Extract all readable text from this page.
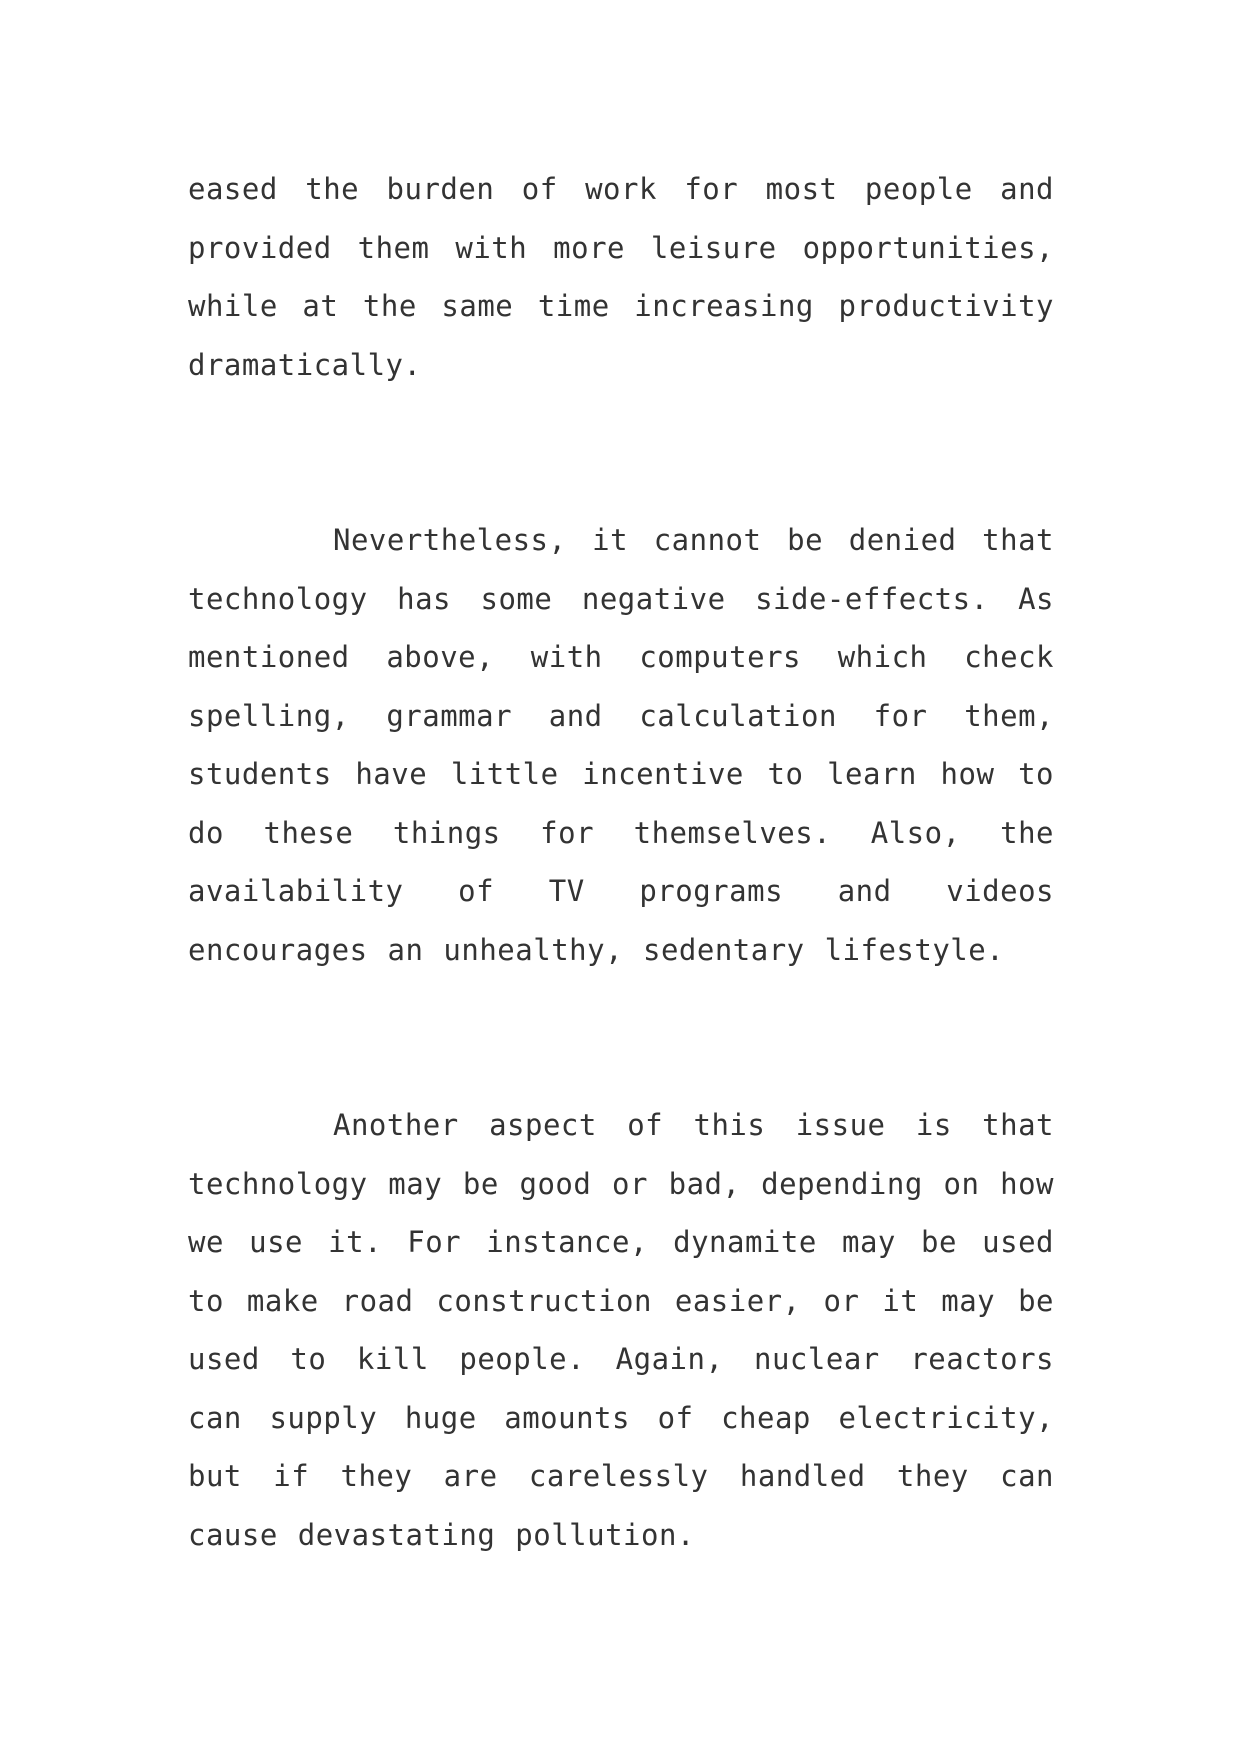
eased the burden of work for most people and provided them with more leisure opportunities, while at the same time increasing productivity dramatically.

Nevertheless, it cannot be denied that technology has some negative side-effects. As mentioned above, with computers which check spelling, grammar and calculation for them, students have little incentive to learn how to do these things for themselves. Also, the availability of TV programs and videos encourages an unhealthy, sedentary lifestyle.

Another aspect of this issue is that technology may be good or bad, depending on how we use it. For instance, dynamite may be used to make road construction easier, or it may be used to kill people. Again, nuclear reactors can supply huge amounts of cheap electricity, but if they are carelessly handled they can cause devastating pollution.
